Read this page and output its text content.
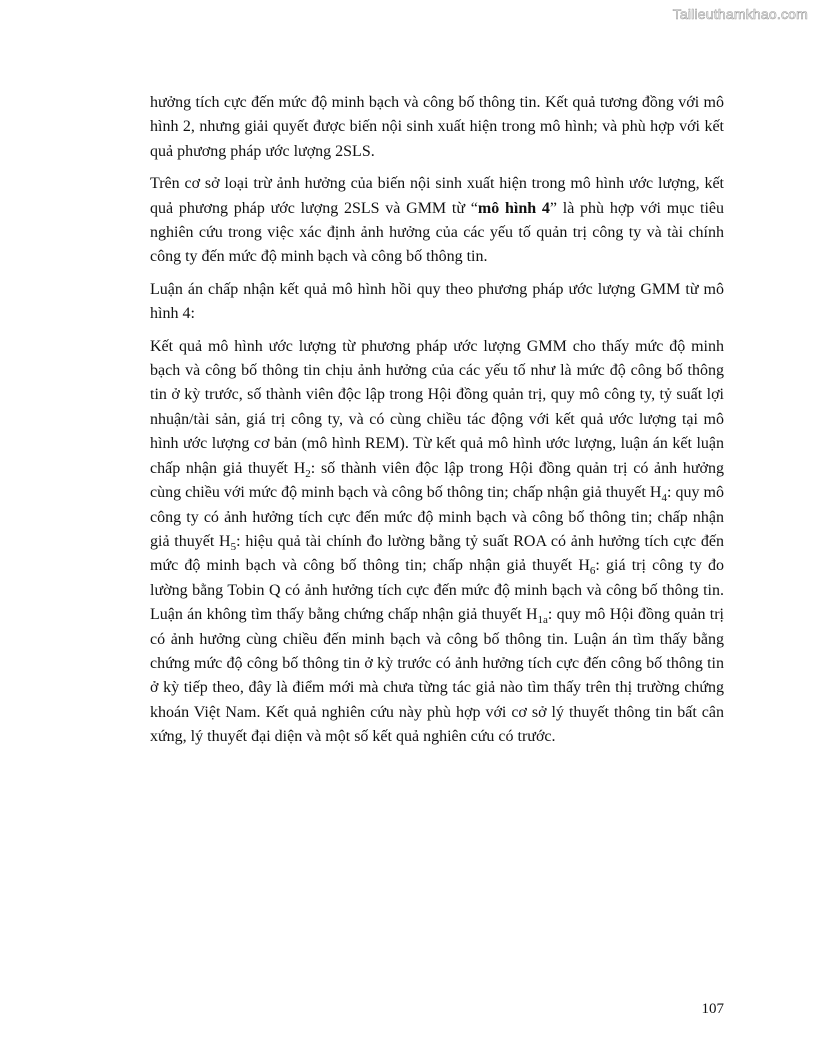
Tailieuthamkhao.com

hưởng tích cực đến mức độ minh bạch và công bố thông tin. Kết quả tương đồng với mô hình 2, nhưng giải quyết được biến nội sinh xuất hiện trong mô hình; và phù hợp với kết quả phương pháp ước lượng 2SLS.

Trên cơ sở loại trừ ảnh hưởng của biến nội sinh xuất hiện trong mô hình ước lượng, kết quả phương pháp ước lượng 2SLS và GMM từ “mô hình 4” là phù hợp với mục tiêu nghiên cứu trong việc xác định ảnh hưởng của các yếu tố quản trị công ty và tài chính công ty đến mức độ minh bạch và công bố thông tin.

Luận án chấp nhận kết quả mô hình hồi quy theo phương pháp ước lượng GMM từ mô hình 4:

Kết quả mô hình ước lượng từ phương pháp ước lượng GMM cho thấy mức độ minh bạch và công bố thông tin chịu ảnh hưởng của các yếu tố như là mức độ công bố thông tin ở kỳ trước, số thành viên độc lập trong Hội đồng quản trị, quy mô công ty, tỷ suất lợi nhuận/tài sản, giá trị công ty, và có cùng chiều tác động với kết quả ước lượng tại mô hình ước lượng cơ bản (mô hình REM). Từ kết quả mô hình ước lượng, luận án kết luận chấp nhận giả thuyết $H_2$: số thành viên độc lập trong Hội đồng quản trị có ảnh hưởng cùng chiều với mức độ minh bạch và công bố thông tin; chấp nhận giả thuyết $H_4$: quy mô công ty có ảnh hưởng tích cực đến mức độ minh bạch và công bố thông tin; chấp nhận giả thuyết $H_5$: hiệu quả tài chính đo lường bằng tỷ suất ROA có ảnh hưởng tích cực đến mức độ minh bạch và công bố thông tin; chấp nhận giả thuyết $H_6$: giá trị công ty đo lường bằng Tobin Q có ảnh hưởng tích cực đến mức độ minh bạch và công bố thông tin. Luận án không tìm thấy bằng chứng chấp nhận giả thuyết $H_{1a}$: quy mô Hội đồng quản trị có ảnh hưởng cùng chiều đến minh bạch và công bố thông tin. Luận án tìm thấy bằng chứng mức độ công bố thông tin ở kỳ trước có ảnh hưởng tích cực đến công bố thông tin ở kỳ tiếp theo, đây là điểm mới mà chưa từng tác giả nào tìm thấy trên thị trường chứng khoán Việt Nam. Kết quả nghiên cứu này phù hợp với cơ sở lý thuyết thông tin bất cân xứng, lý thuyết đại diện và một số kết quả nghiên cứu có trước.

107
